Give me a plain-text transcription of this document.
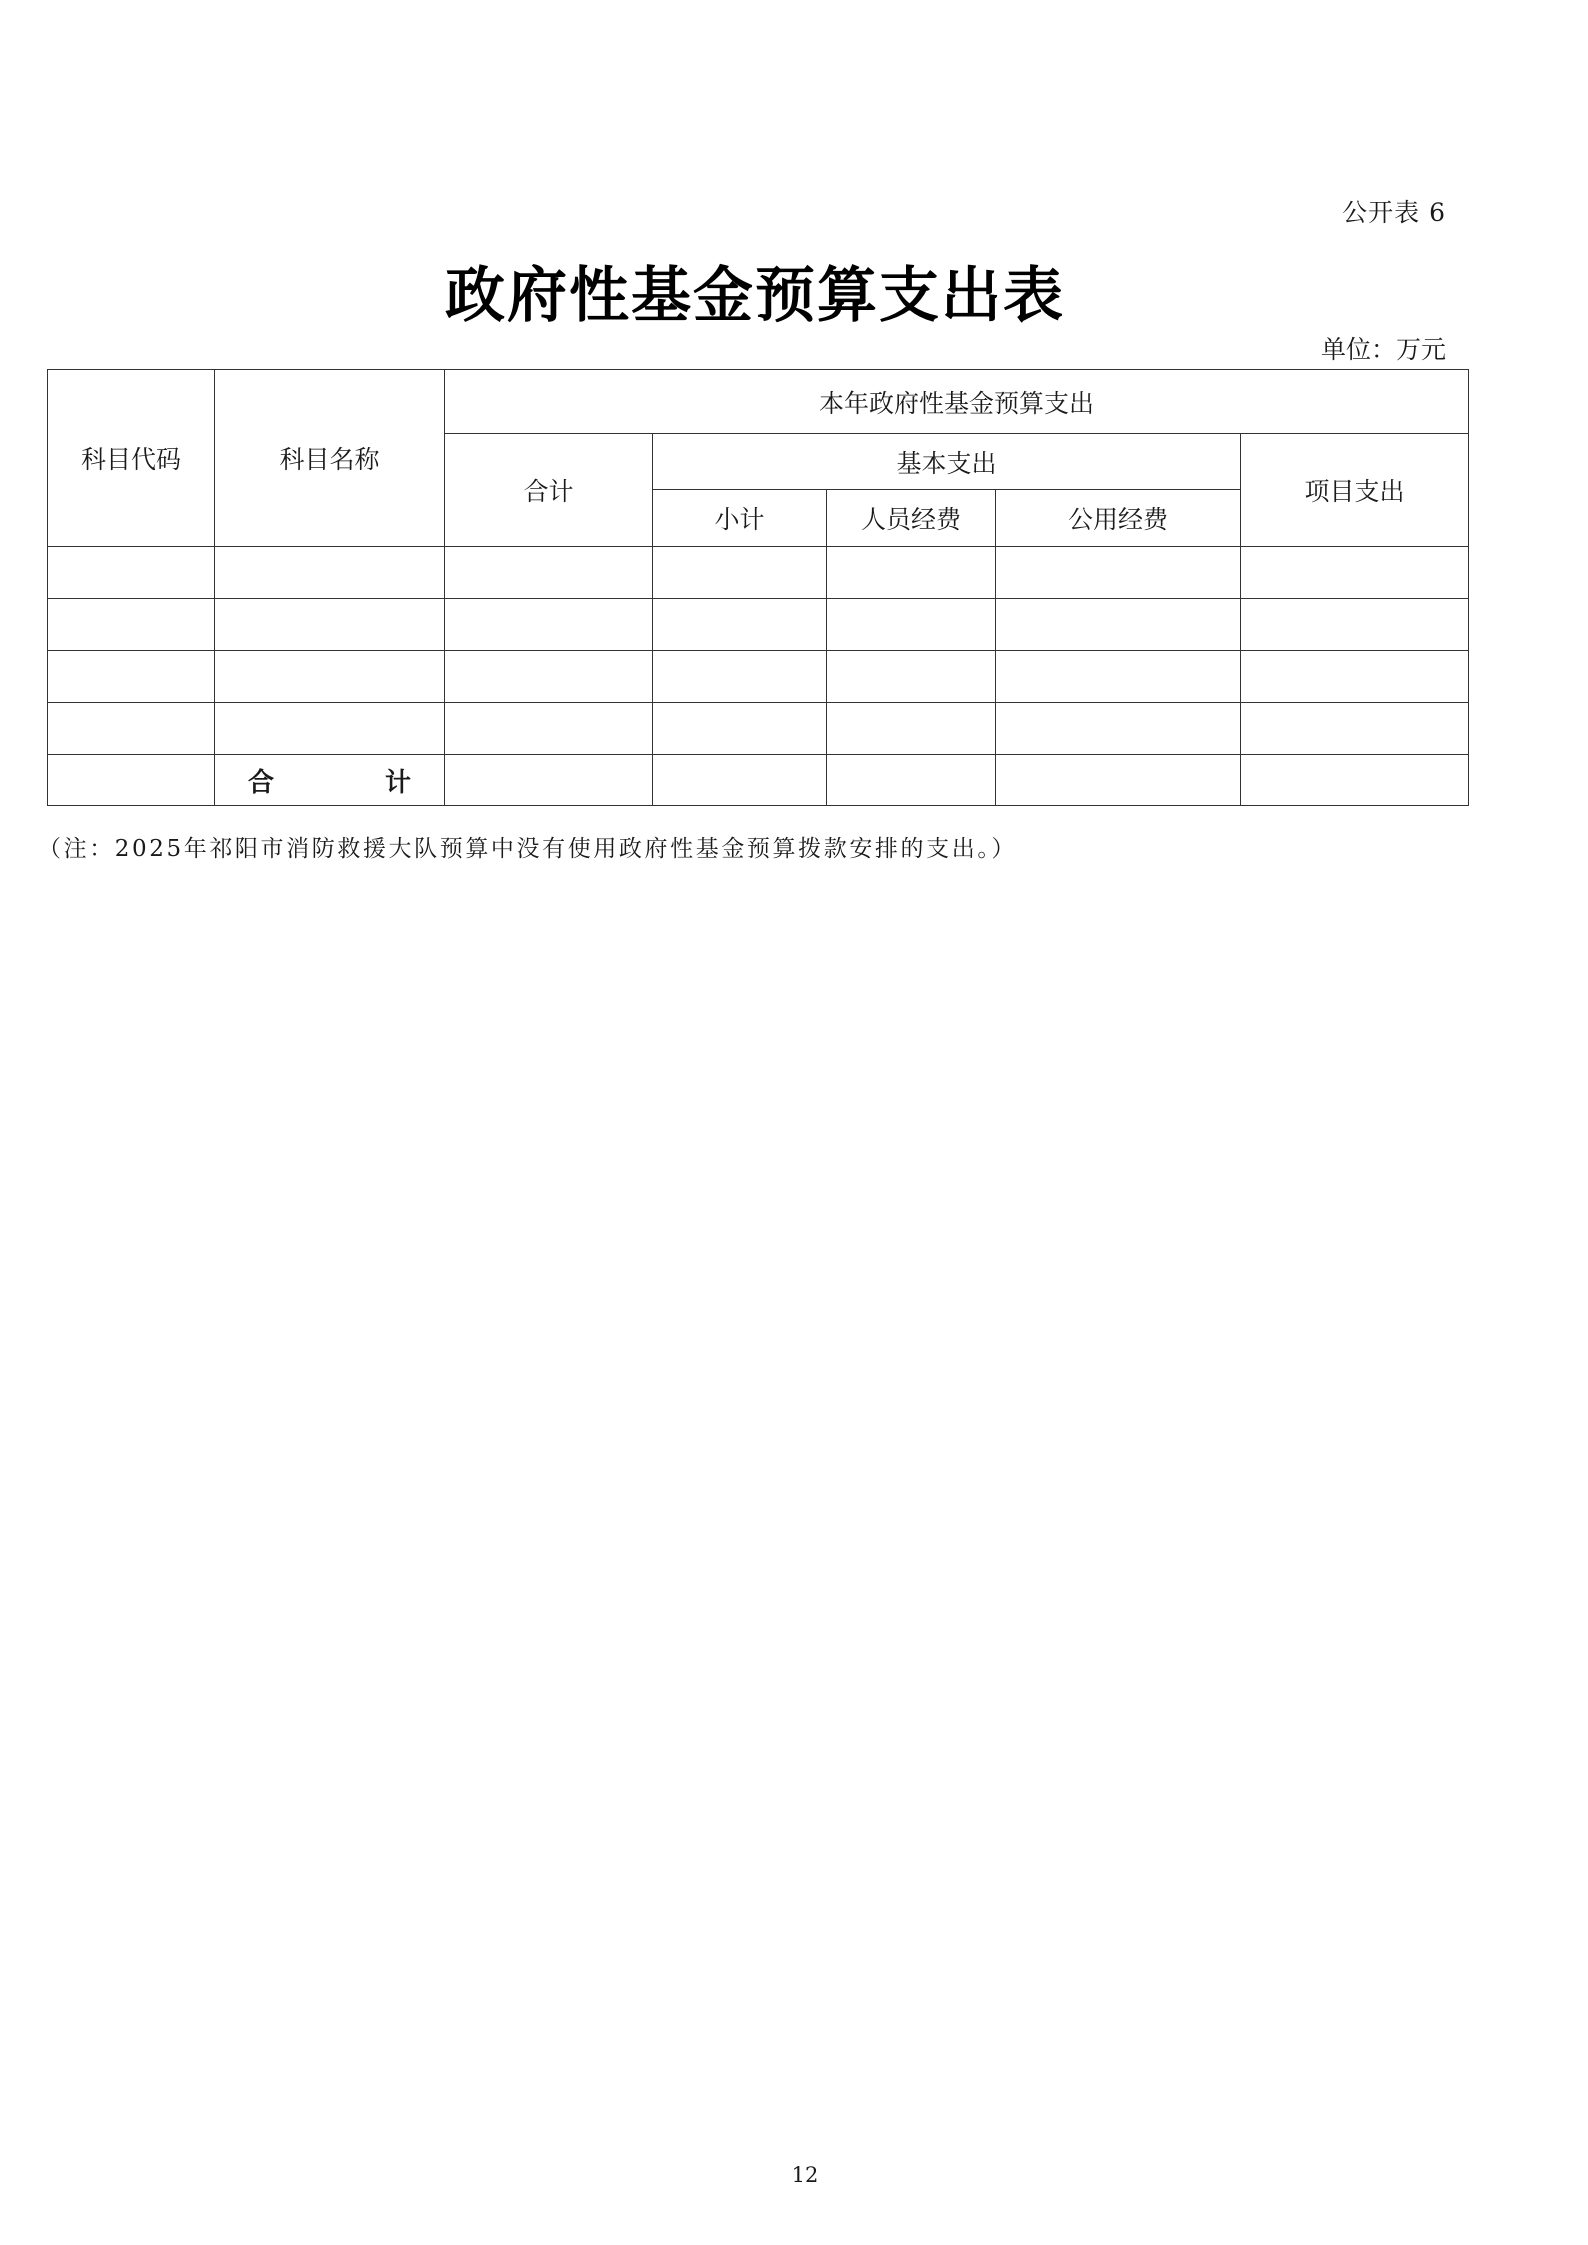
公开表 6
政府性基金预算支出表
单位：万元
科目代码	科目名称	本年政府性基金预算支出				
		合计	基本支出			项目支出
			小计	人员经费	公用经费	

	合 计					

（注：2025年祁阳市消防救援大队预算中没有使用政府性基金预算拨款安排的支出。）
12
